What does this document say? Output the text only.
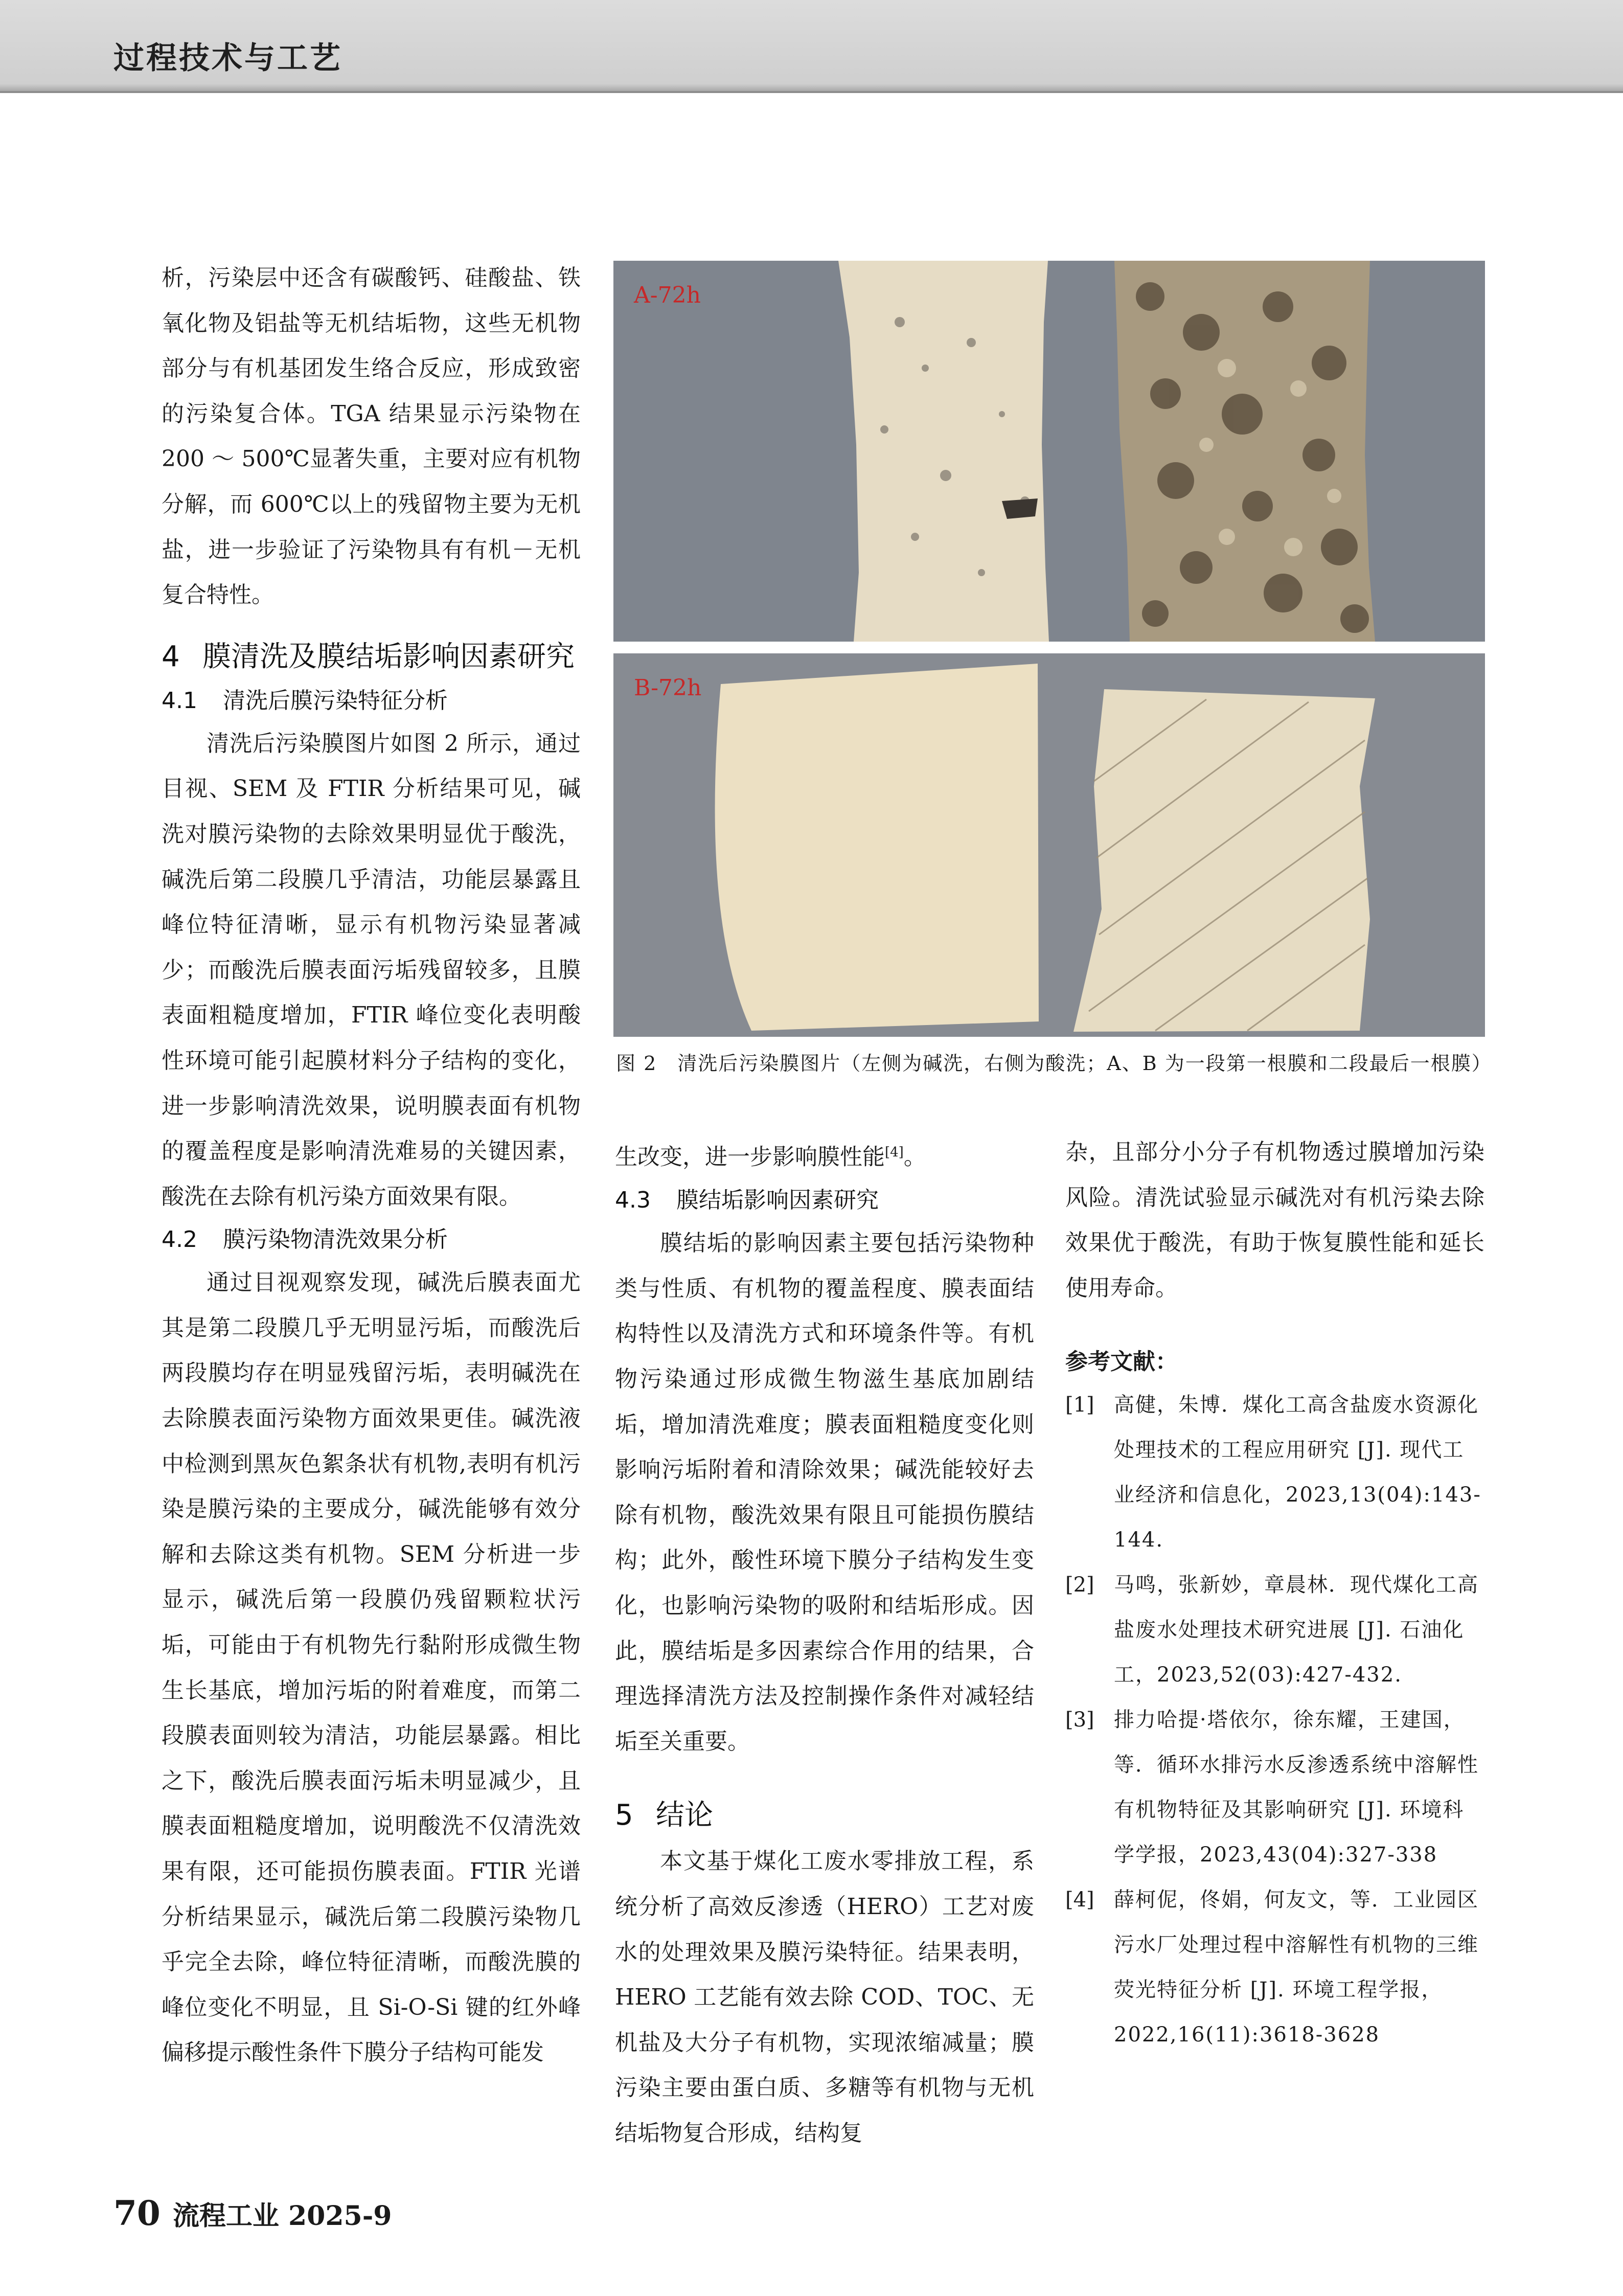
过程技术与工艺

析，污染层中还含有碳酸钙、硅酸盐、铁氧化物及铝盐等无机结垢物，这些无机物部分与有机基团发生络合反应，形成致密的污染复合体。TGA 结果显示污染物在 200 ～ 500℃显著失重，主要对应有机物分解，而 600℃以上的残留物主要为无机盐，进一步验证了污染物具有有机－无机复合特性。

4 膜清洗及膜结垢影响因素研究
4.1 清洗后膜污染特征分析

清洗后污染膜图片如图 2 所示，通过目视、SEM 及 FTIR 分析结果可见，碱洗对膜污染物的去除效果明显优于酸洗，碱洗后第二段膜几乎清洁，功能层暴露且峰位特征清晰，显示有机物污染显著减少；而酸洗后膜表面污垢残留较多，且膜表面粗糙度增加，FTIR 峰位变化表明酸性环境可能引起膜材料分子结构的变化，进一步影响清洗效果，说明膜表面有机物的覆盖程度是影响清洗难易的关键因素，酸洗在去除有机污染方面效果有限。

4.2 膜污染物清洗效果分析

通过目视观察发现，碱洗后膜表面尤其是第二段膜几乎无明显污垢，而酸洗后两段膜均存在明显残留污垢，表明碱洗在去除膜表面污染物方面效果更佳。碱洗液中检测到黑灰色絮条状有机物,表明有机污染是膜污染的主要成分，碱洗能够有效分解和去除这类有机物。SEM 分析进一步显示，碱洗后第一段膜仍残留颗粒状污垢，可能由于有机物先行黏附形成微生物生长基底，增加污垢的附着难度，而第二段膜表面则较为清洁，功能层暴露。相比之下，酸洗后膜表面污垢未明显减少，且膜表面粗糙度增加，说明酸洗不仅清洗效果有限，还可能损伤膜表面。FTIR 光谱分析结果显示，碱洗后第二段膜污染物几乎完全去除，峰位特征清晰，而酸洗膜的峰位变化不明显，且 Si-O-Si 键的红外峰偏移提示酸性条件下膜分子结构可能发

A-72h
B-72h
图 2　清洗后污染膜图片（左侧为碱洗，右侧为酸洗；A、B 为一段第一根膜和二段最后一根膜）

生改变，进一步影响膜性能[4]。

4.3 膜结垢影响因素研究

膜结垢的影响因素主要包括污染物种类与性质、有机物的覆盖程度、膜表面结构特性以及清洗方式和环境条件等。有机物污染通过形成微生物滋生基底加剧结垢，增加清洗难度；膜表面粗糙度变化则影响污垢附着和清除效果；碱洗能较好去除有机物，酸洗效果有限且可能损伤膜结构；此外，酸性环境下膜分子结构发生变化，也影响污染物的吸附和结垢形成。因此，膜结垢是多因素综合作用的结果，合理选择清洗方法及控制操作条件对减轻结垢至关重要。

5 结论

本文基于煤化工废水零排放工程，系统分析了高效反渗透（HERO）工艺对废水的处理效果及膜污染特征。结果表明，HERO 工艺能有效去除 COD、TOC、无机盐及大分子有机物，实现浓缩减量；膜污染主要由蛋白质、多糖等有机物与无机结垢物复合形成，结构复

杂，且部分小分子有机物透过膜增加污染风险。清洗试验显示碱洗对有机污染去除效果优于酸洗，有助于恢复膜性能和延长使用寿命。

参考文献：
[1] 高健，朱博．煤化工高含盐废水资源化处理技术的工程应用研究 [J]. 现代工业经济和信息化，2023,13(04):143-144.
[2] 马鸣，张新妙，章晨林．现代煤化工高盐废水处理技术研究进展 [J]. 石油化工，2023,52(03):427-432.
[3] 排力哈提·塔依尔，徐东耀，王建国，等．循环水排污水反渗透系统中溶解性有机物特征及其影响研究 [J]. 环境科学学报，2023,43(04):327-338
[4] 薛柯伲，佟娟，何友文，等．工业园区污水厂处理过程中溶解性有机物的三维荧光特征分析 [J]. 环境工程学报，2022,16(11):3618-3628
70 流程工业 2025-9
